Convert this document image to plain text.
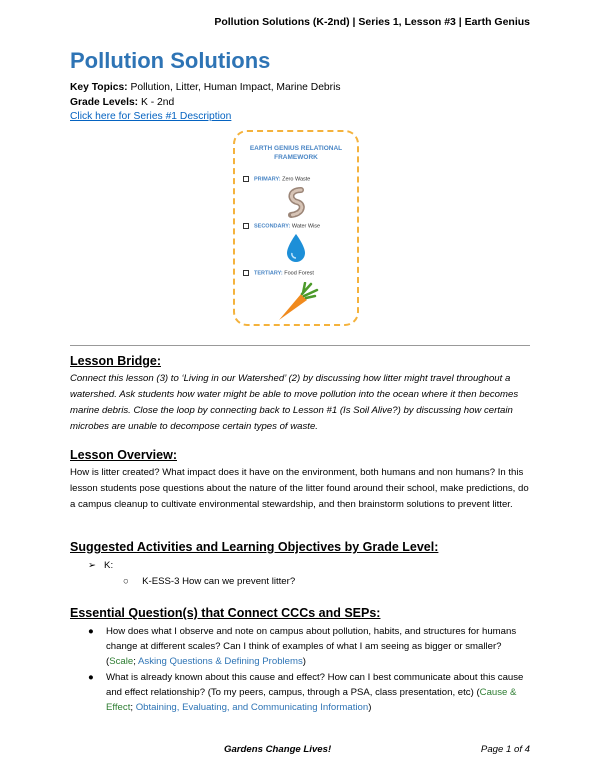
Pollution Solutions (K-2nd) | Series 1, Lesson #3 | Earth Genius
Pollution Solutions
Key Topics: Pollution, Litter, Human Impact, Marine Debris
Grade Levels: K - 2nd
Click here for Series #1 Description
EARTH GENIUS RELATIONAL
FRAMEWORK
PRIMARY: Zero Waste
SECONDARY: Water Wise
TERTIARY: Food Forest
Lesson Bridge:

Connect this lesson (3) to ‘Living in our Watershed’ (2) by discussing how litter might travel throughout a watershed. Ask students how water might be able to move pollution into the ocean where it then becomes marine debris. Close the loop by connecting back to Lesson #1 (Is Soil Alive?) by discussing how certain microbes are unable to decompose certain types of waste.

Lesson Overview:

How is litter created? What impact does it have on the environment, both humans and non humans? In this lesson students pose questions about the nature of the litter found around their school, make predictions, do a campus cleanup to cultivate environmental stewardship, and then brainstorm solutions to prevent litter.

Suggested Activities and Learning Objectives by Grade Level:
➢ K:
○ K-ESS-3 How can we prevent litter?
Essential Question(s) that Connect CCCs and SEPs:
● How does what I observe and note on campus about pollution, habits, and structures for humans change at different scales? Can I think of examples of what I am seeing as bigger or smaller? (Scale; Asking Questions & Defining Problems)
● What is already known about this cause and effect? How can I best communicate about this cause and effect relationship? (To my peers, campus, through a PSA, class presentation, etc) (Cause & Effect; Obtaining, Evaluating, and Communicating Information)
Gardens Change Lives!	Page 1 of 4
